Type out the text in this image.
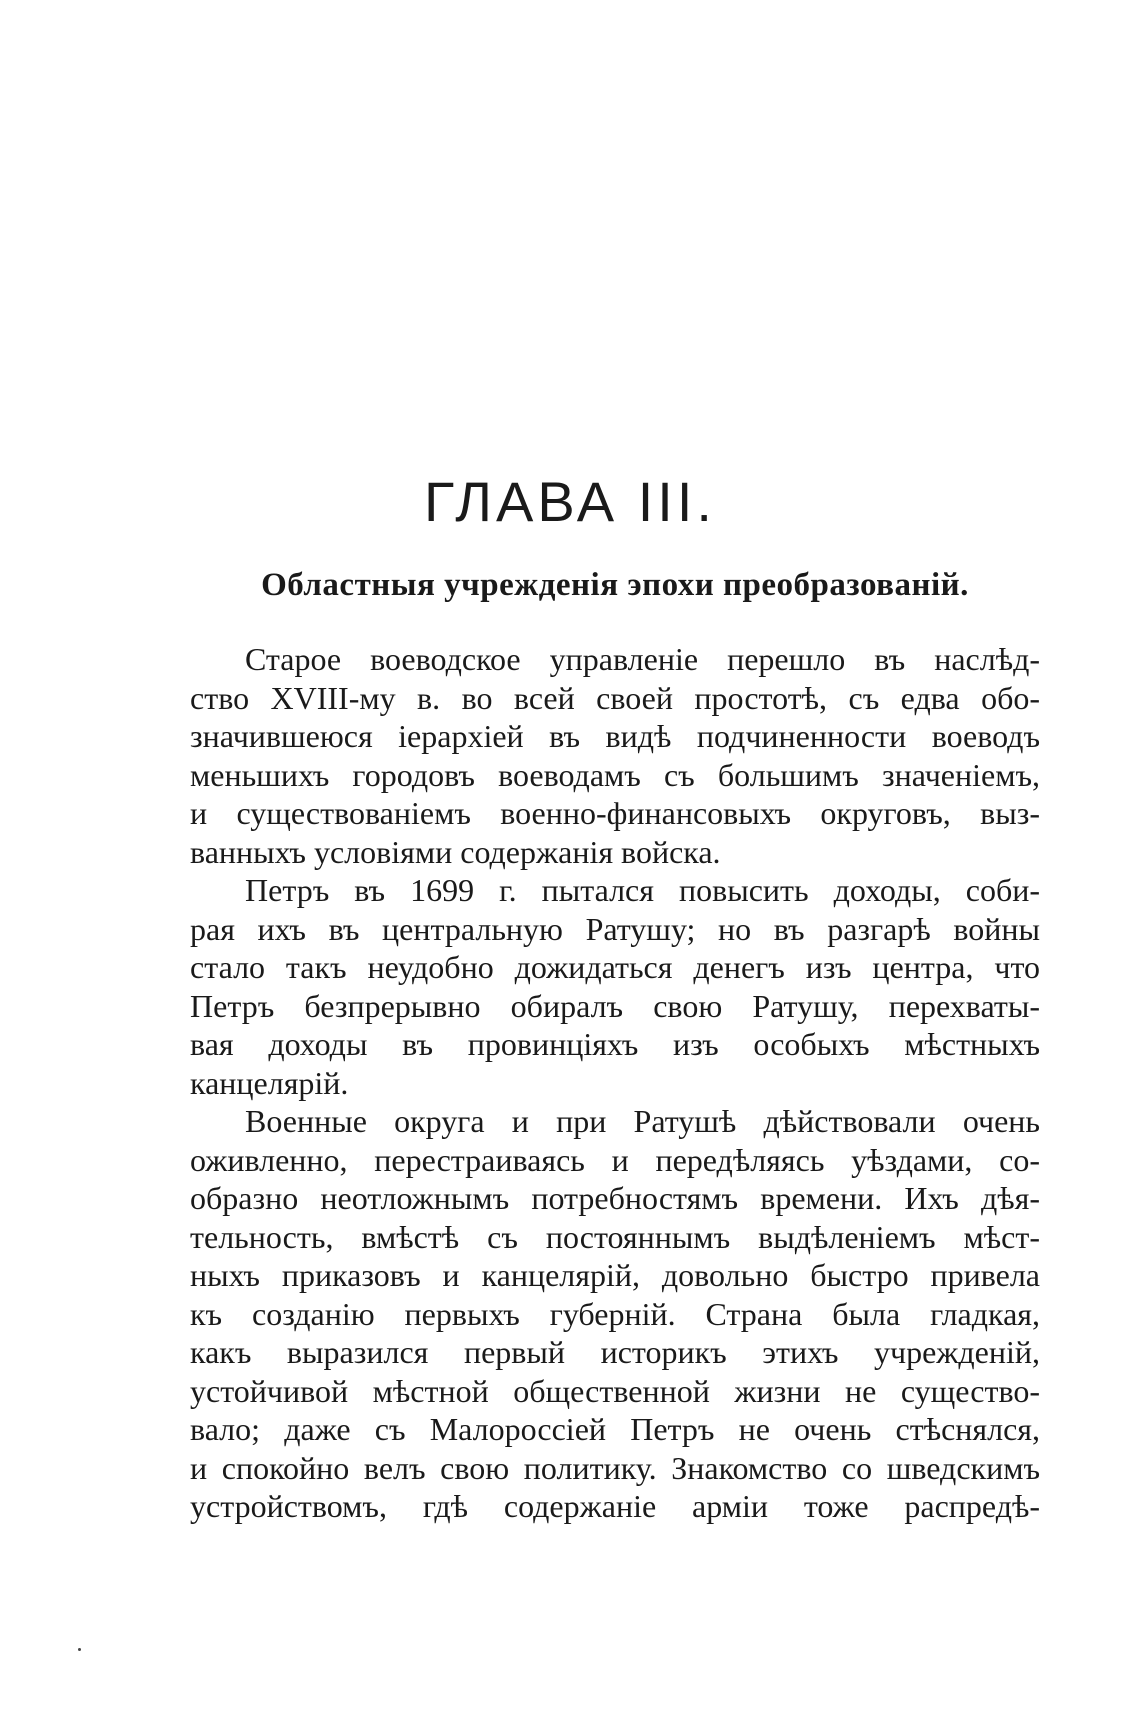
ГЛАВА III.
Областныя учрежденія эпохи преобразованій.
Старое воеводское управленіе перешло въ наслѣд-
ство XVIII-му в. во всей своей простотѣ, съ едва обо-
значившеюся іерархіей въ видѣ подчиненности воеводъ
меньшихъ городовъ воеводамъ съ большимъ значеніемъ,
и существованіемъ военно-финансовыхъ округовъ, выз-
ванныхъ условіями содержанія войска.
Петръ въ 1699 г. пытался повысить доходы, соби-
рая ихъ въ центральную Ратушу; но въ разгарѣ войны
стало такъ неудобно дожидаться денегъ изъ центра, что
Петръ безпрерывно обиралъ свою Ратушу, перехваты-
вая доходы въ провинціяхъ изъ особыхъ мѣстныхъ
канцелярій.
Военные округа и при Ратушѣ дѣйствовали очень
оживленно, перестраиваясь и передѣляясь уѣздами, со-
образно неотложнымъ потребностямъ времени. Ихъ дѣя-
тельность, вмѣстѣ съ постояннымъ выдѣленіемъ мѣст-
ныхъ приказовъ и канцелярій, довольно быстро привела
къ созданію первыхъ губерній. Страна была гладкая,
какъ выразился первый историкъ этихъ учрежденій,
устойчивой мѣстной общественной жизни не существо-
вало; даже съ Малороссіей Петръ не очень стѣснялся,
и спокойно велъ свою политику. Знакомство со шведскимъ
устройствомъ, гдѣ содержаніе арміи тоже распредѣ-
